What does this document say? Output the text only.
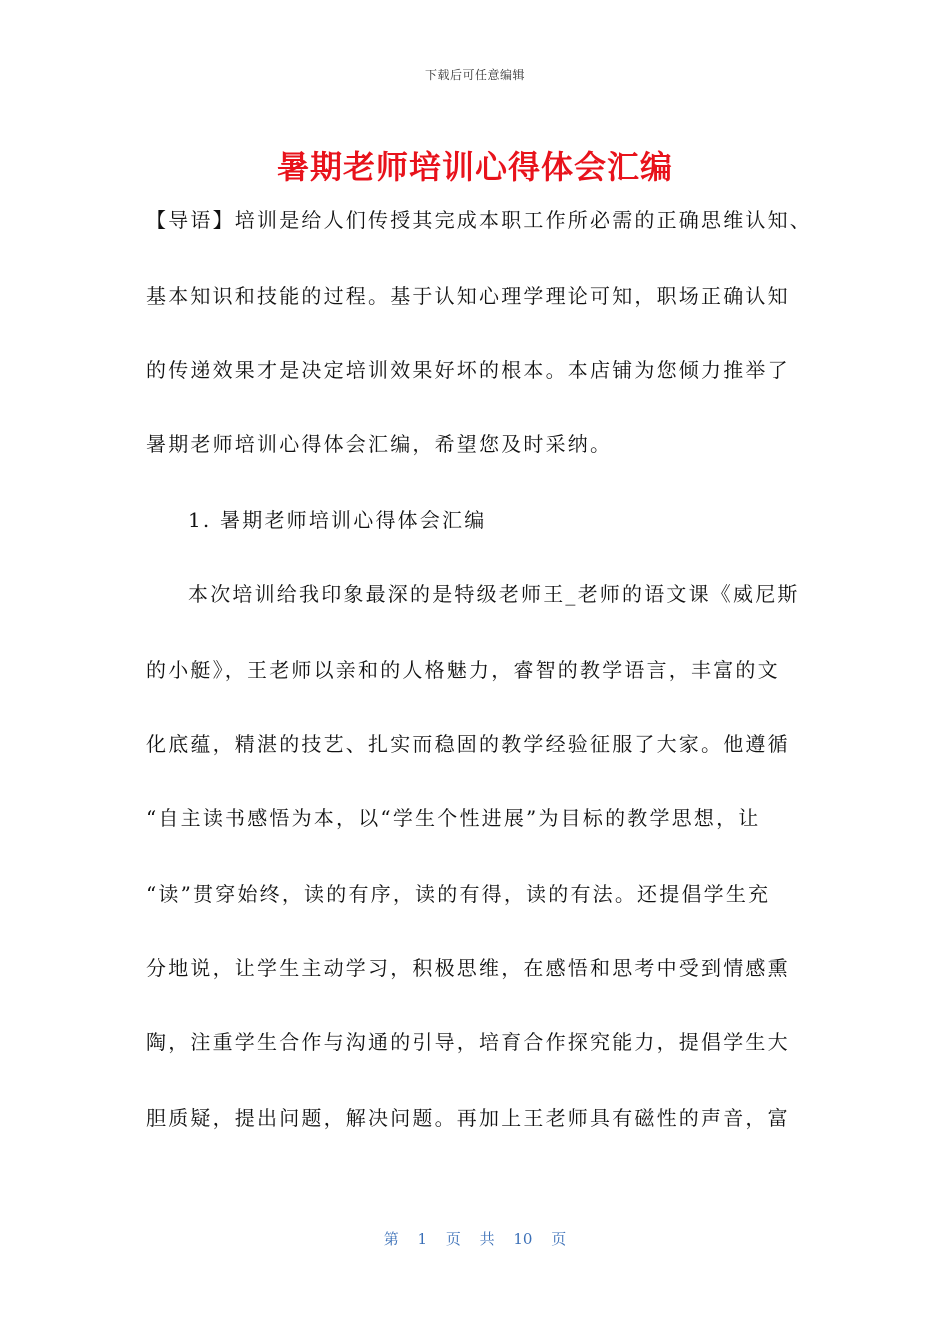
下载后可任意编辑
暑期老师培训心得体会汇编
【导语】培训是给人们传授其完成本职工作所必需的正确思维认知、
基本知识和技能的过程。基于认知心理学理论可知，职场正确认知
的传递效果才是决定培训效果好坏的根本。本店铺为您倾力推举了
暑期老师培训心得体会汇编，希望您及时采纳。
1. 暑期老师培训心得体会汇编
本次培训给我印象最深的是特级老师王_老师的语文课《威尼斯
的小艇》，王老师以亲和的人格魅力，睿智的教学语言，丰富的文
化底蕴，精湛的技艺、扎实而稳固的教学经验征服了大家。他遵循
“自主读书感悟为本，以“学生个性进展”为目标的教学思想，让
“读”贯穿始终，读的有序，读的有得，读的有法。还提倡学生充
分地说，让学生主动学习，积极思维，在感悟和思考中受到情感熏
陶，注重学生合作与沟通的引导，培育合作探究能力，提倡学生大
胆质疑，提出问题，解决问题。再加上王老师具有磁性的声音，富
第 1 页 共 10 页
